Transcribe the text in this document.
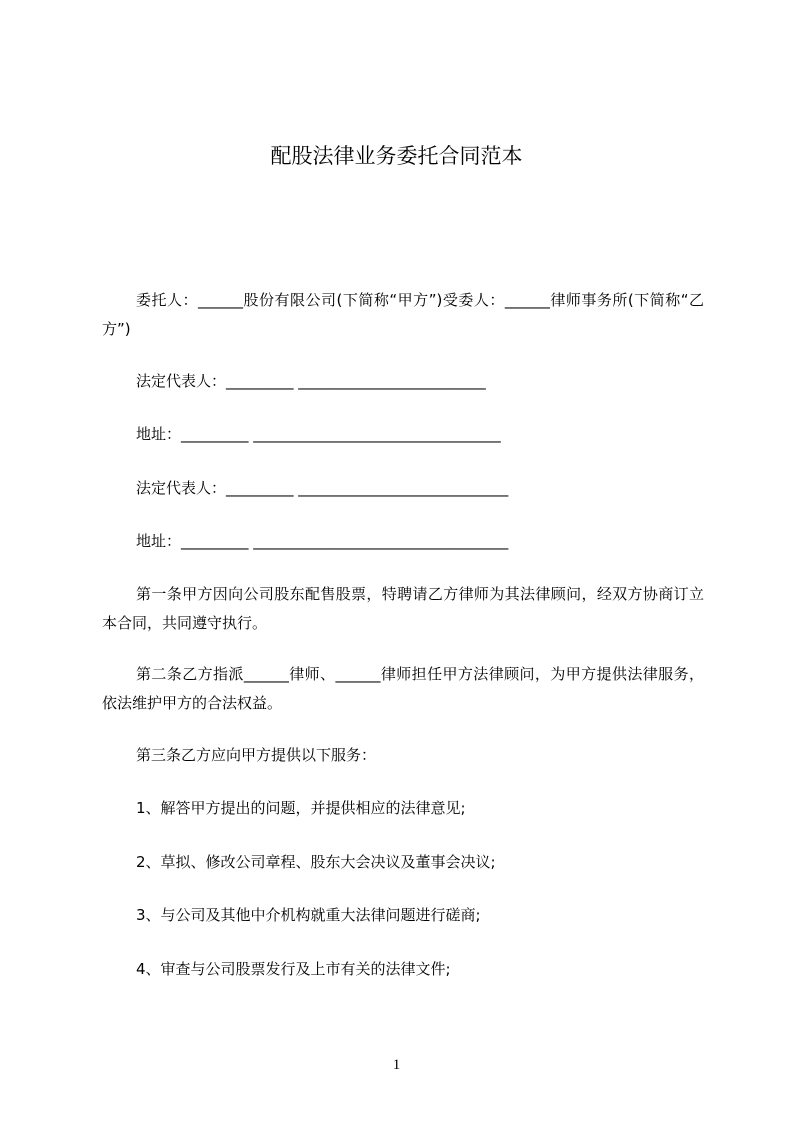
配股法律业务委托合同范本

委托人：______股份有限公司(下简称“甲方”)受委人：______律师事务所(下简称“乙方”)

法定代表人：_________ _________________________

地址：_________ _________________________________

法定代表人：_________ ____________________________

地址：_________ __________________________________

第一条甲方因向公司股东配售股票，特聘请乙方律师为其法律顾问，经双方协商订立本合同，共同遵守执行。

第二条乙方指派______律师、______律师担任甲方法律顾问，为甲方提供法律服务，依法维护甲方的合法权益。

第三条乙方应向甲方提供以下服务：

1、解答甲方提出的问题，并提供相应的法律意见;

2、草拟、修改公司章程、股东大会决议及董事会决议;

3、与公司及其他中介机构就重大法律问题进行磋商;

4、审查与公司股票发行及上市有关的法律文件;

1
